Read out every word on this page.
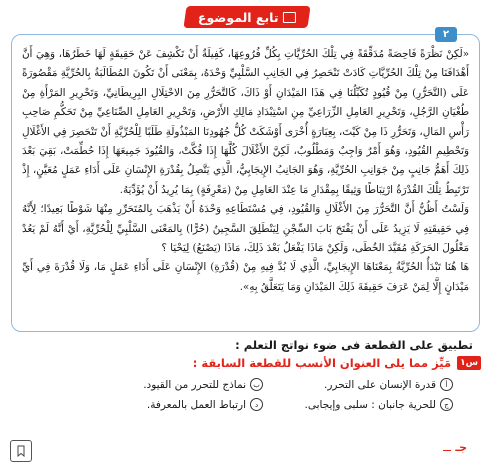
تابع الموضوع
٢

«لَكِنْ نَظْرَةً فَاحِصَةً مُدَقِّقَةً فِي تِلْكَ الحُرِّيَّاتِ بِكُلِّ فُرُوعِهَا، كَفِيلَةٌ أَنْ تَكْشِفَ عَنْ حَقِيقَةٍ لَهَا خَطَرُهَا، وَهِيَ أَنَّ أَهْدَافَنَا مِنْ تِلْكَ الحُرِّيَّاتِ كَادَتْ تَنْحَصِرُ فِي الجَانِبِ السَّلْبِيِّ وَحْدَهُ، بِمَعْنَى أَنْ تَكُونَ المُطَالَبَةُ بِالحُرِّيَّةِ مَقْصُورَةً عَلَى (التَّحَرُّرِ) مِنْ قُيُودٍ تُكَبِّلُنَا فِي هَذَا المَيْدَانِ أَوْ ذَاكَ، كَالتَّحَرُّرِ مِنَ الاحْتِلَالِ البِرِيطَانِيِّ، وَتَحْرِيرِ المَرْأَةِ مِنْ طُغْيَانِ الرَّجُلِ، وَتَحْرِيرِ العَامِلِ الزِّرَاعِيِّ مِنِ اسْتِبْدَادِ مَالِكِ الأَرْضِ، وَتَحْرِيرِ العَامِلِ الصِّنَاعِيِّ مِنْ تَحَكُّمِ صَاحِبِ رَأْسِ المَالِ، وَتَحَرُّرِ ذَا مِنْ كَيْتَ، بِعِبَارَةٍ أُخْرَى أَوْشَكَتْ كُلُّ جُهُودِنَا المَبْذُولَةِ طَلَبًا لِلْحُرِّيَّةِ أَنْ تَنْحَصِرَ فِي الأَغْلَالِ وَتَحْطِيمِ القُيُودِ، وَهُوَ أَمْرٌ وَاجِبٌ وَمَطْلُوبٌ، لَكِنَّ الأَغْلَالَ كُلَّهَا إِذَا فُكَّتْ، وَالقُيُودَ جَمِيعَهَا إِذَا حُطِّمَتْ، بَقِيَ بَعْدَ ذَلِكَ أَهَمُّ جَانِبٍ مِنْ جَوَانِبِ الحُرِّيَّةِ، وَهُوَ الجَانِبُ الإِيجَابِيُّ، الَّذِي يَتَّصِلُ بِقُدْرَةِ الإِنْسَانِ عَلَى أَدَاءِ عَمَلٍ مُعَيَّنٍ، إِذْ تَرْتَبِطُ تِلْكَ القُدْرَةُ ارْتِبَاطًا وَثِيقًا بِمِقْدَارِ مَا عِنْدَ العَامِلِ مِنْ (مَعْرِفَةٍ) بِمَا يُرِيدُ أَنْ يُؤَدِّيَهُ.

وَلَسْتُ أَظُنُّ أَنَّ التَّحَرُّرَ مِنَ الأَغْلَالِ وَالقُيُودِ، فِي مُسْتَطَاعِهِ وَحْدَهُ أَنْ يَذْهَبَ بِالمُتَحَرِّرِ مِنْهَا شَوْطًا بَعِيدًا؛ لِأَنَّهُ فِي حَقِيقَتِهِ لَا يَزِيدُ عَلَى أَنْ يَفْتَحَ بَابَ السِّجْنِ لِيَنْطَلِقَ السَّجِينُ (حُرًّا) بِالمَعْنَى السَّلْبِيِّ لِلْحُرِّيَّةِ، أَيْ أَنَّهُ لَمْ يَعُدْ مَغْلُولَ الحَرَكَةِ مُقَيَّدَ الخُطَى، وَلَكِنْ مَاذَا يَفْعَلُ بَعْدَ ذَلِكَ، مَاذَا (يَصْنَعُ) لِيَحْيَا ؟

هَا هُنَا تَبْدَأُ الحُرِّيَّةُ بِمَعْنَاهَا الإِيجَابِيِّ، الَّذِي لَا بُدَّ فِيهِ مِنْ (قُدْرَةِ) الإِنْسَانِ عَلَى أَدَاءِ عَمَلٍ مَا، وَلَا قُدْرَةَ فِي أَيِّ مَيْدَانٍ إِلَّا لِمَنْ عَرَفَ حَقِيقَةَ ذَلِكَ المَيْدَانِ وَمَا يَتَعَلَّقُ بِهِ».

تطبيق على القطعة فى ضوء نواتج التعلم :
س١
مَيِّز مما يلى العنوان الأنسب للقطعة السابقة :
أ
قدرة الإنسان على التحرر.
ب
نماذج للتحرر من القيود.
ج
للحرية جانبان : سلبى وإيجابى.
د
ارتباط العمل بالمعرفة.
جـ
